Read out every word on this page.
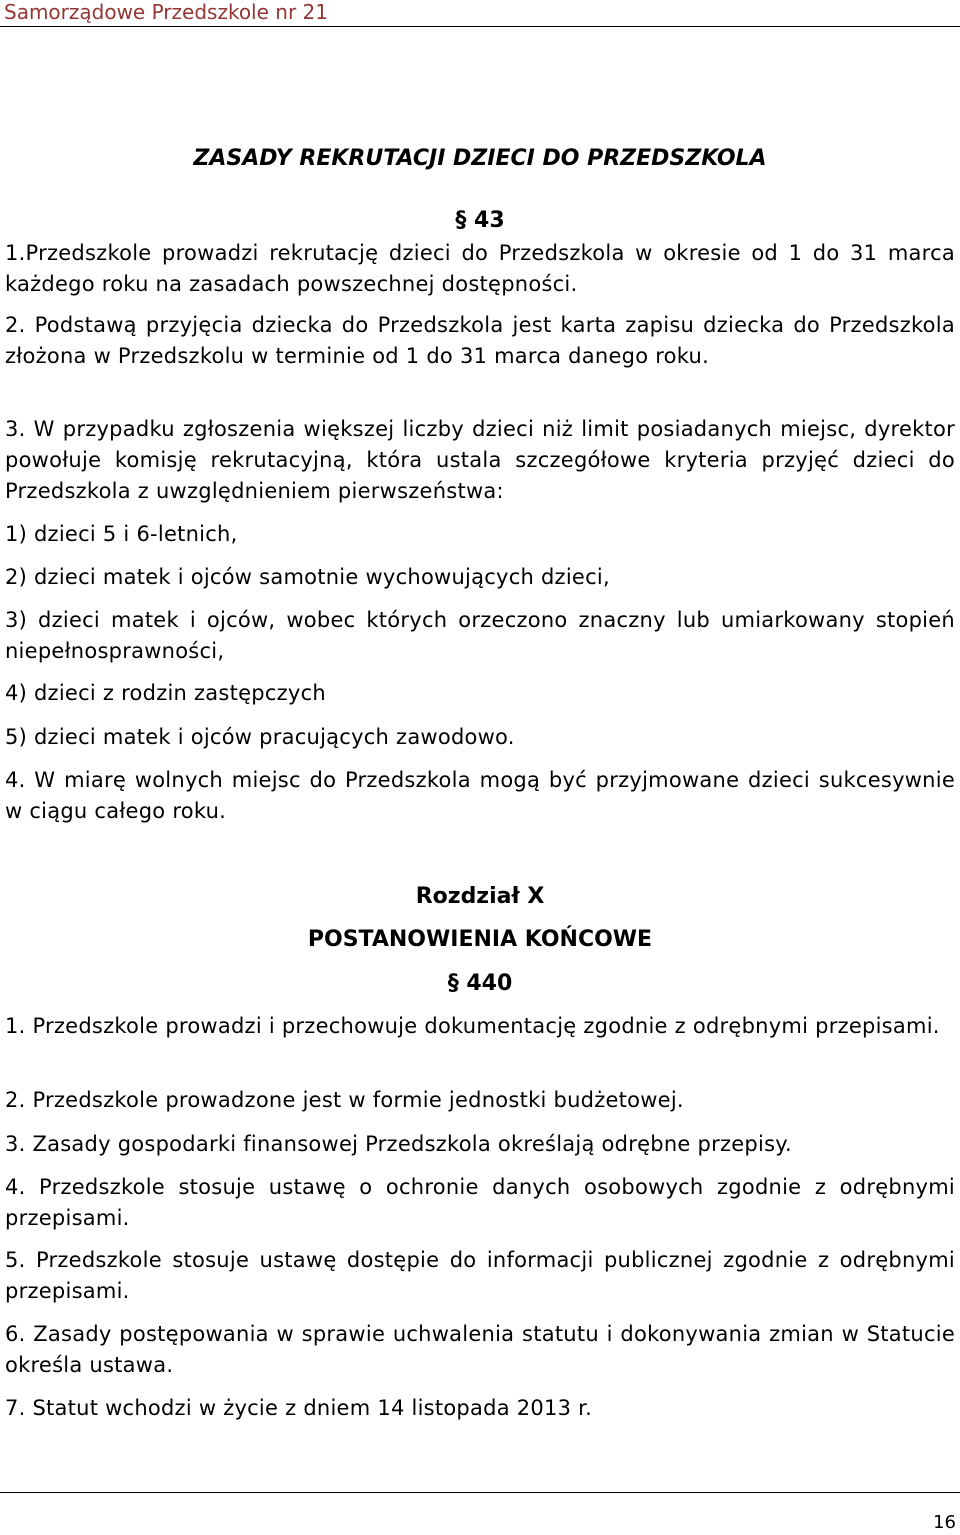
Samorządowe Przedszkole nr 21
ZASADY REKRUTACJI DZIECI DO PRZEDSZKOLA
§ 43
1.Przedszkole prowadzi rekrutację dzieci do Przedszkola w okresie od 1 do 31 marca każdego roku na zasadach powszechnej dostępności.
2. Podstawą przyjęcia dziecka do Przedszkola jest karta zapisu dziecka do Przedszkola złożona w Przedszkolu w terminie od 1 do 31 marca danego roku.
3. W przypadku zgłoszenia większej liczby dzieci niż limit posiadanych miejsc, dyrektor powołuje komisję rekrutacyjną, która ustala szczegółowe kryteria przyjęć dzieci do Przedszkola z uwzględnieniem pierwszeństwa:
1) dzieci 5 i 6-letnich,
2) dzieci matek i ojców samotnie wychowujących dzieci,
3) dzieci matek i ojców, wobec których orzeczono znaczny lub umiarkowany stopień niepełnosprawności,
4) dzieci z rodzin zastępczych
5) dzieci matek i ojców pracujących zawodowo.
4. W miarę wolnych miejsc do Przedszkola mogą być przyjmowane dzieci sukcesywnie w ciągu całego roku.
Rozdział X
POSTANOWIENIA KOŃCOWE
§ 440
1. Przedszkole prowadzi i przechowuje dokumentację zgodnie z odrębnymi przepisami.
2. Przedszkole prowadzone jest w formie jednostki budżetowej.
3. Zasady gospodarki finansowej Przedszkola określają odrębne przepisy.
4. Przedszkole stosuje ustawę o ochronie danych osobowych zgodnie z odrębnymi przepisami.
5. Przedszkole stosuje ustawę dostępie do informacji publicznej zgodnie z odrębnymi przepisami.
6. Zasady postępowania w sprawie uchwalenia statutu i dokonywania zmian w Statucie określa ustawa.
7. Statut wchodzi w życie z dniem 14 listopada 2013 r.
16
